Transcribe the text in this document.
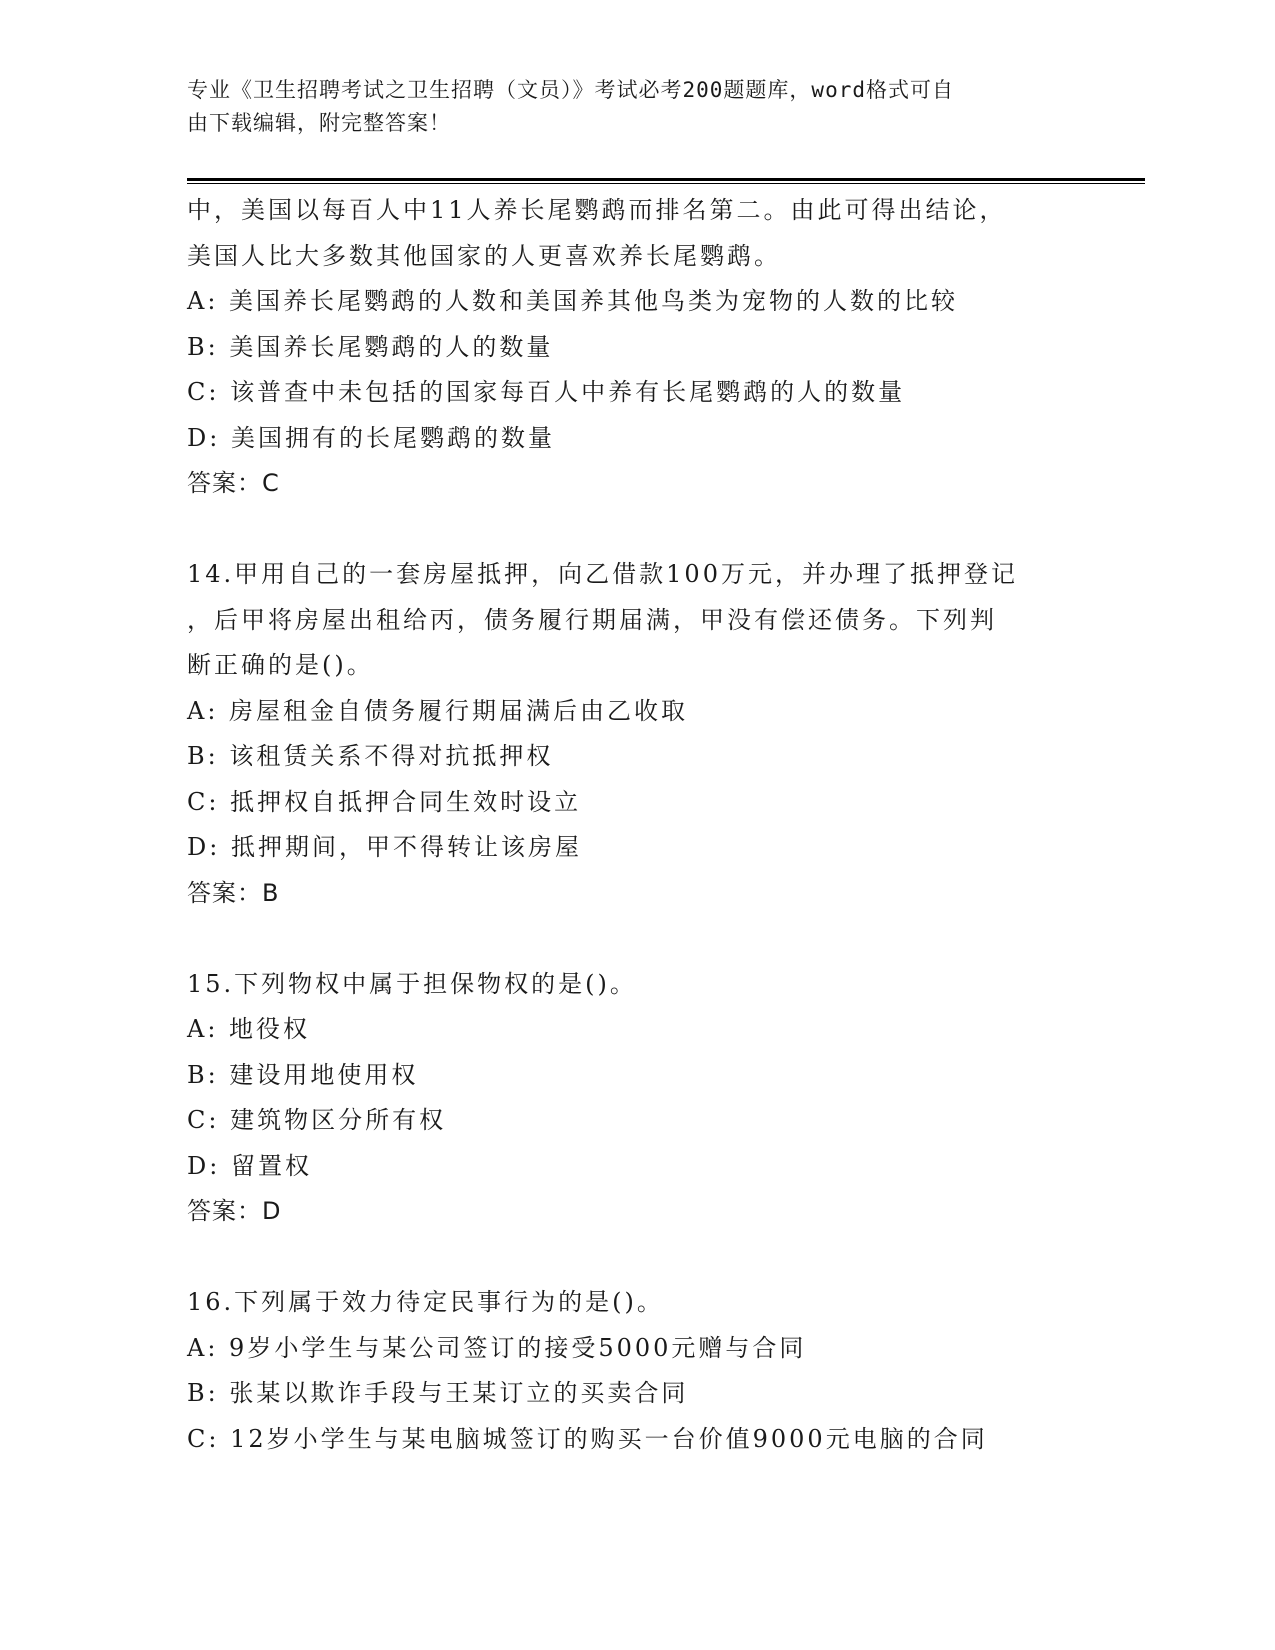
专业《卫生招聘考试之卫生招聘（文员）》考试必考200题题库，word格式可自
由下载编辑，附完整答案！
中，美国以每百人中11人养长尾鹦鹉而排名第二。由此可得出结论，
美国人比大多数其他国家的人更喜欢养长尾鹦鹉。
A: 美国养长尾鹦鹉的人数和美国养其他鸟类为宠物的人数的比较
B: 美国养长尾鹦鹉的人的数量
C: 该普查中未包括的国家每百人中养有长尾鹦鹉的人的数量
D: 美国拥有的长尾鹦鹉的数量
答案：C
14.甲用自己的一套房屋抵押，向乙借款100万元，并办理了抵押登记
，后甲将房屋出租给丙，债务履行期届满，甲没有偿还债务。下列判
断正确的是()。
A: 房屋租金自债务履行期届满后由乙收取
B: 该租赁关系不得对抗抵押权
C: 抵押权自抵押合同生效时设立
D: 抵押期间，甲不得转让该房屋
答案：B
15.下列物权中属于担保物权的是()。
A: 地役权
B: 建设用地使用权
C: 建筑物区分所有权
D: 留置权
答案：D
16.下列属于效力待定民事行为的是()。
A: 9岁小学生与某公司签订的接受5000元赠与合同
B: 张某以欺诈手段与王某订立的买卖合同
C: 12岁小学生与某电脑城签订的购买一台价值9000元电脑的合同
